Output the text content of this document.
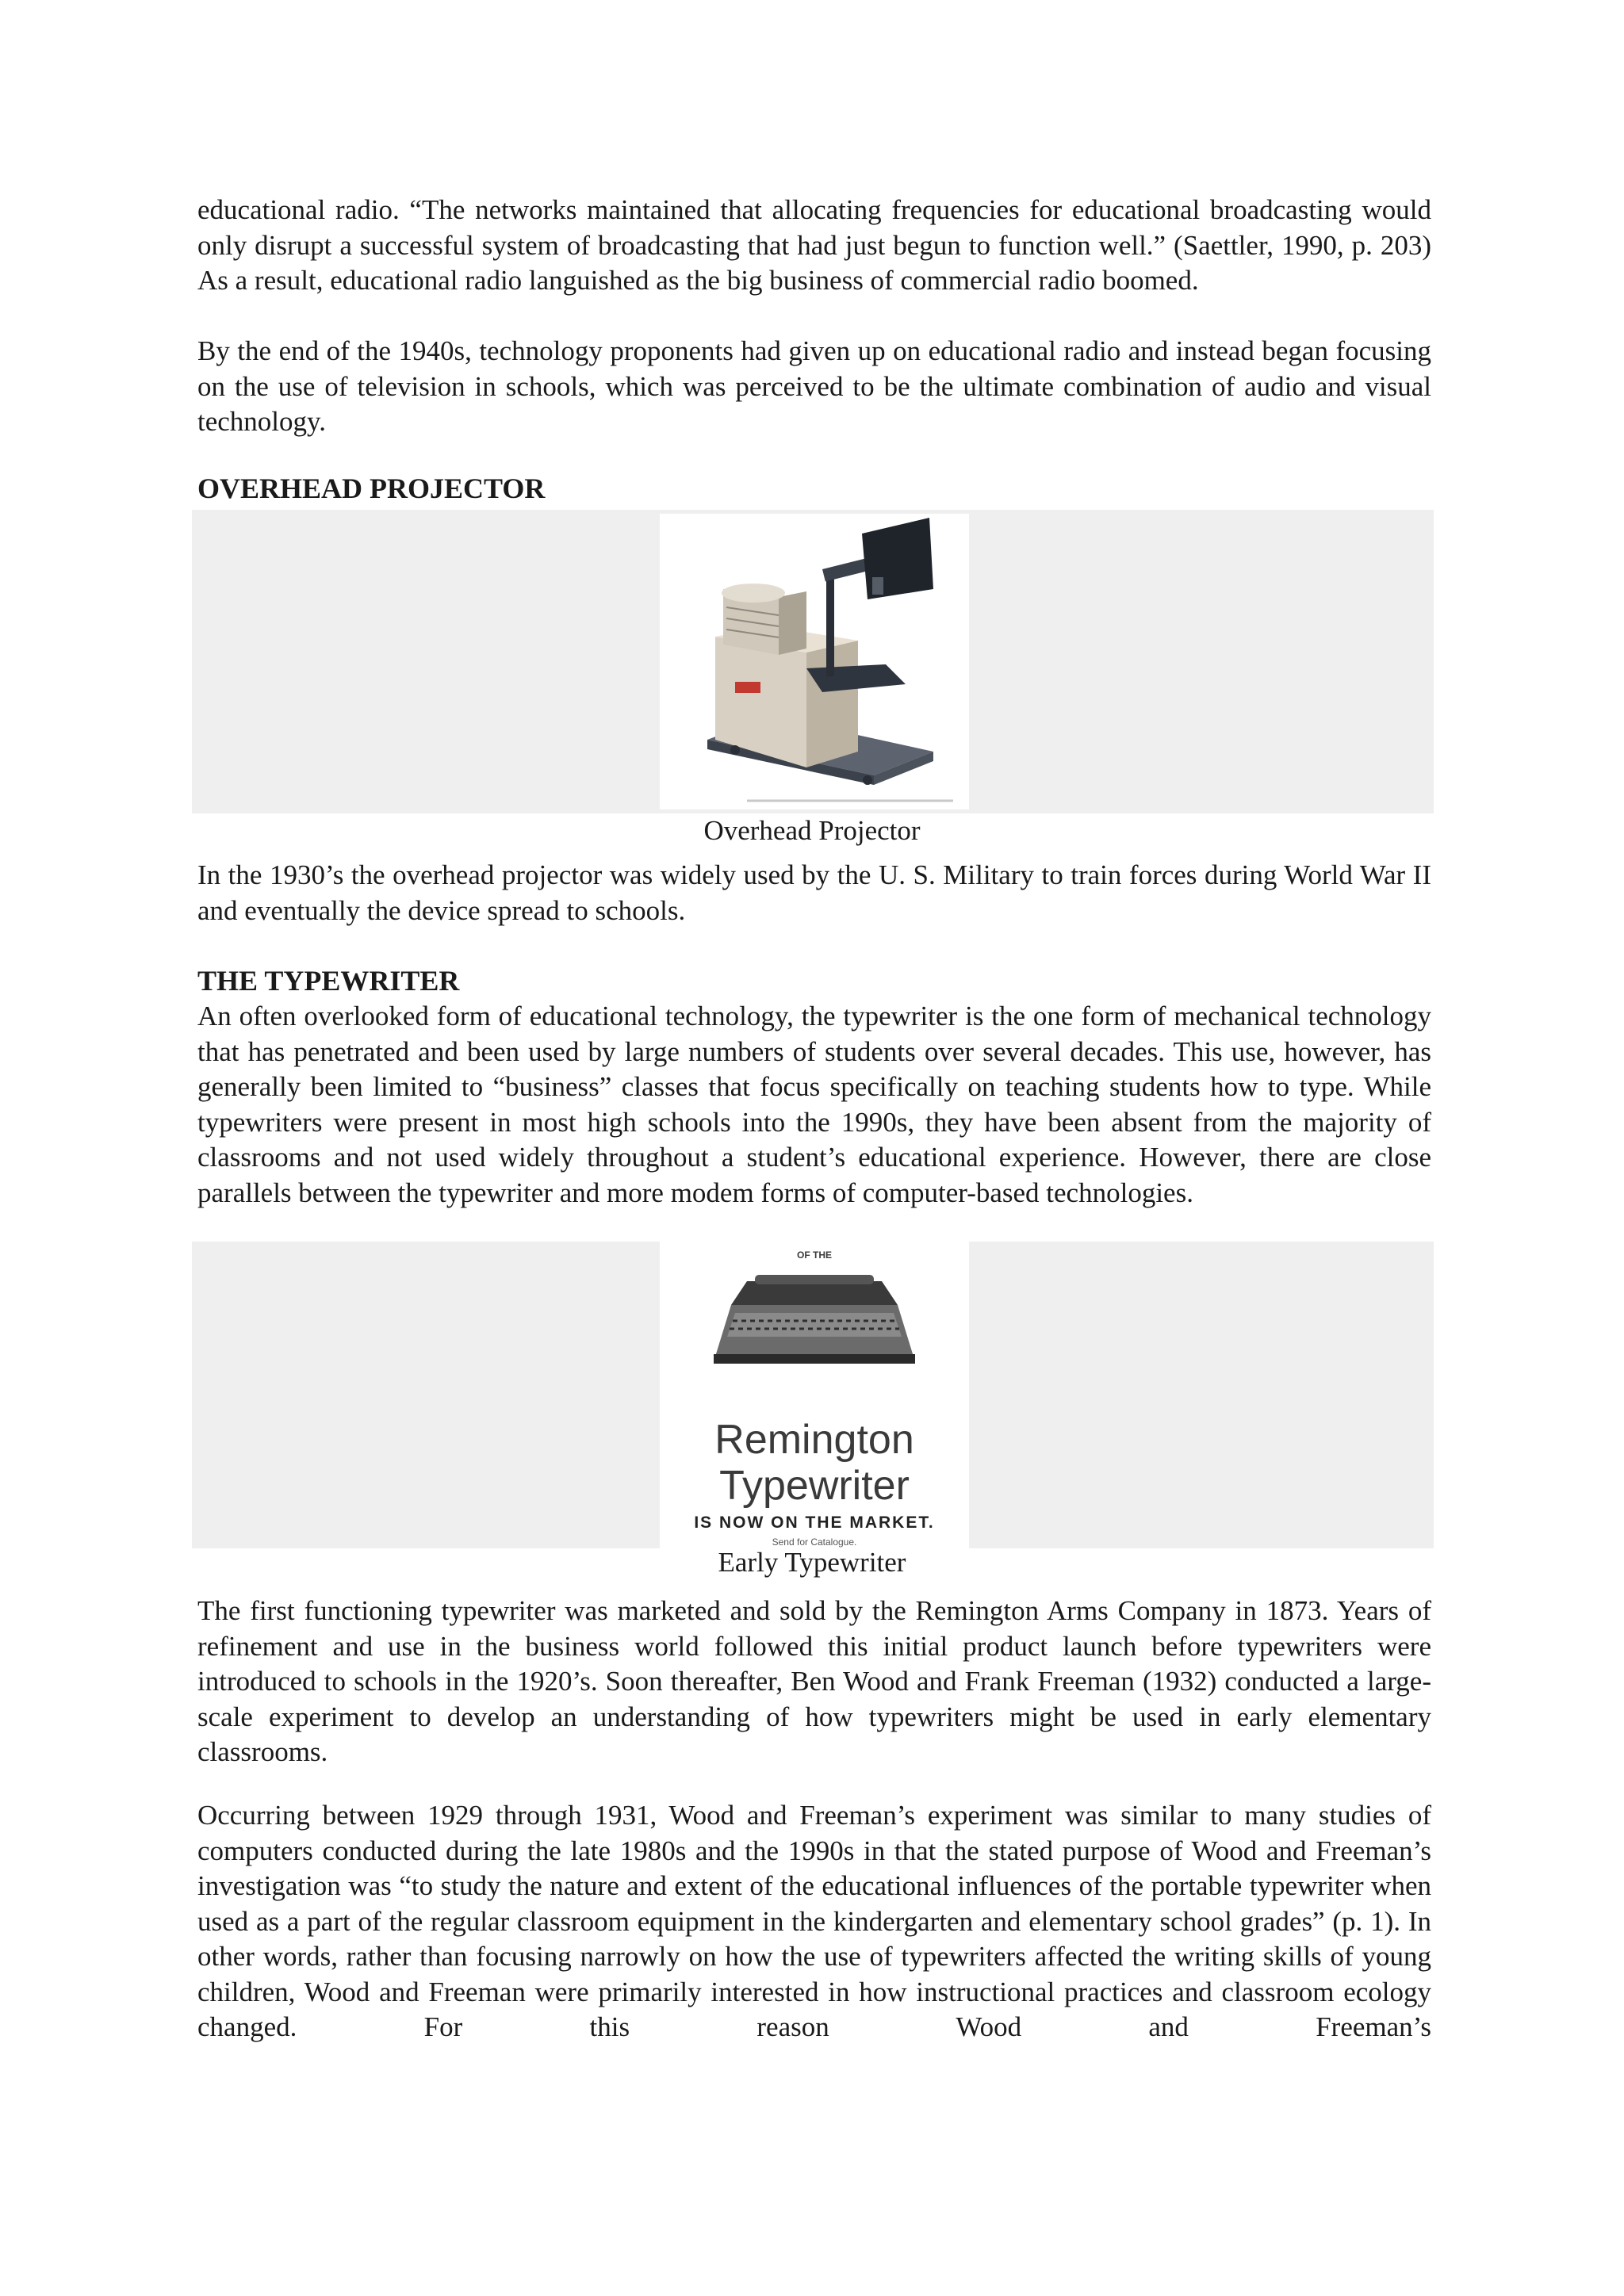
educational radio. “The networks maintained that allocating frequencies for educational broadcasting would only disrupt a successful system of broadcasting that had just begun to function well.” (Saettler, 1990, p. 203) As a result, educational radio languished as the big business of commercial radio boomed.

By the end of the 1940s, technology proponents had given up on educational radio and instead began focusing on the use of television in schools, which was perceived to be the ultimate combination of audio and visual technology.

OVERHEAD PROJECTOR

Overhead Projector

In the 1930’s the overhead projector was widely used by the U. S. Military to train forces during World War II and eventually the device spread to schools.

THE TYPEWRITER

An often overlooked form of educational technology, the typewriter is the one form of mechanical technology that has penetrated and been used by large numbers of students over several decades. This use, however, has generally been limited to “business” classes that focus specifically on teaching students how to type. While typewriters were present in most high schools into the 1990s, they have been absent from the majority of classrooms and not used widely throughout a student’s educational experience. However, there are close parallels between the typewriter and more modem forms of computer-based technologies.

OF THE
Remington
Typewriter
IS NOW ON THE MARKET.
Send for Catalogue.

Early Typewriter

The first functioning typewriter was marketed and sold by the Remington Arms Company in 1873. Years of refinement and use in the business world followed this initial product launch before typewriters were introduced to schools in the 1920’s. Soon thereafter, Ben Wood and Frank Freeman (1932) conducted a large-scale experiment to develop an understanding of how typewriters might be used in early elementary classrooms.

Occurring between 1929 through 1931, Wood and Freeman’s experiment was similar to many studies of computers conducted during the late 1980s and the 1990s in that the stated purpose of Wood and Freeman’s investigation was “to study the nature and extent of the educational influences of the portable typewriter when used as a part of the regular classroom equipment in the kindergarten and elementary school grades” (p. 1). In other words, rather than focusing narrowly on how the use of typewriters affected the writing skills of young children, Wood and Freeman were primarily interested in how instructional practices and classroom ecology changed. For this reason Wood and Freeman’s
